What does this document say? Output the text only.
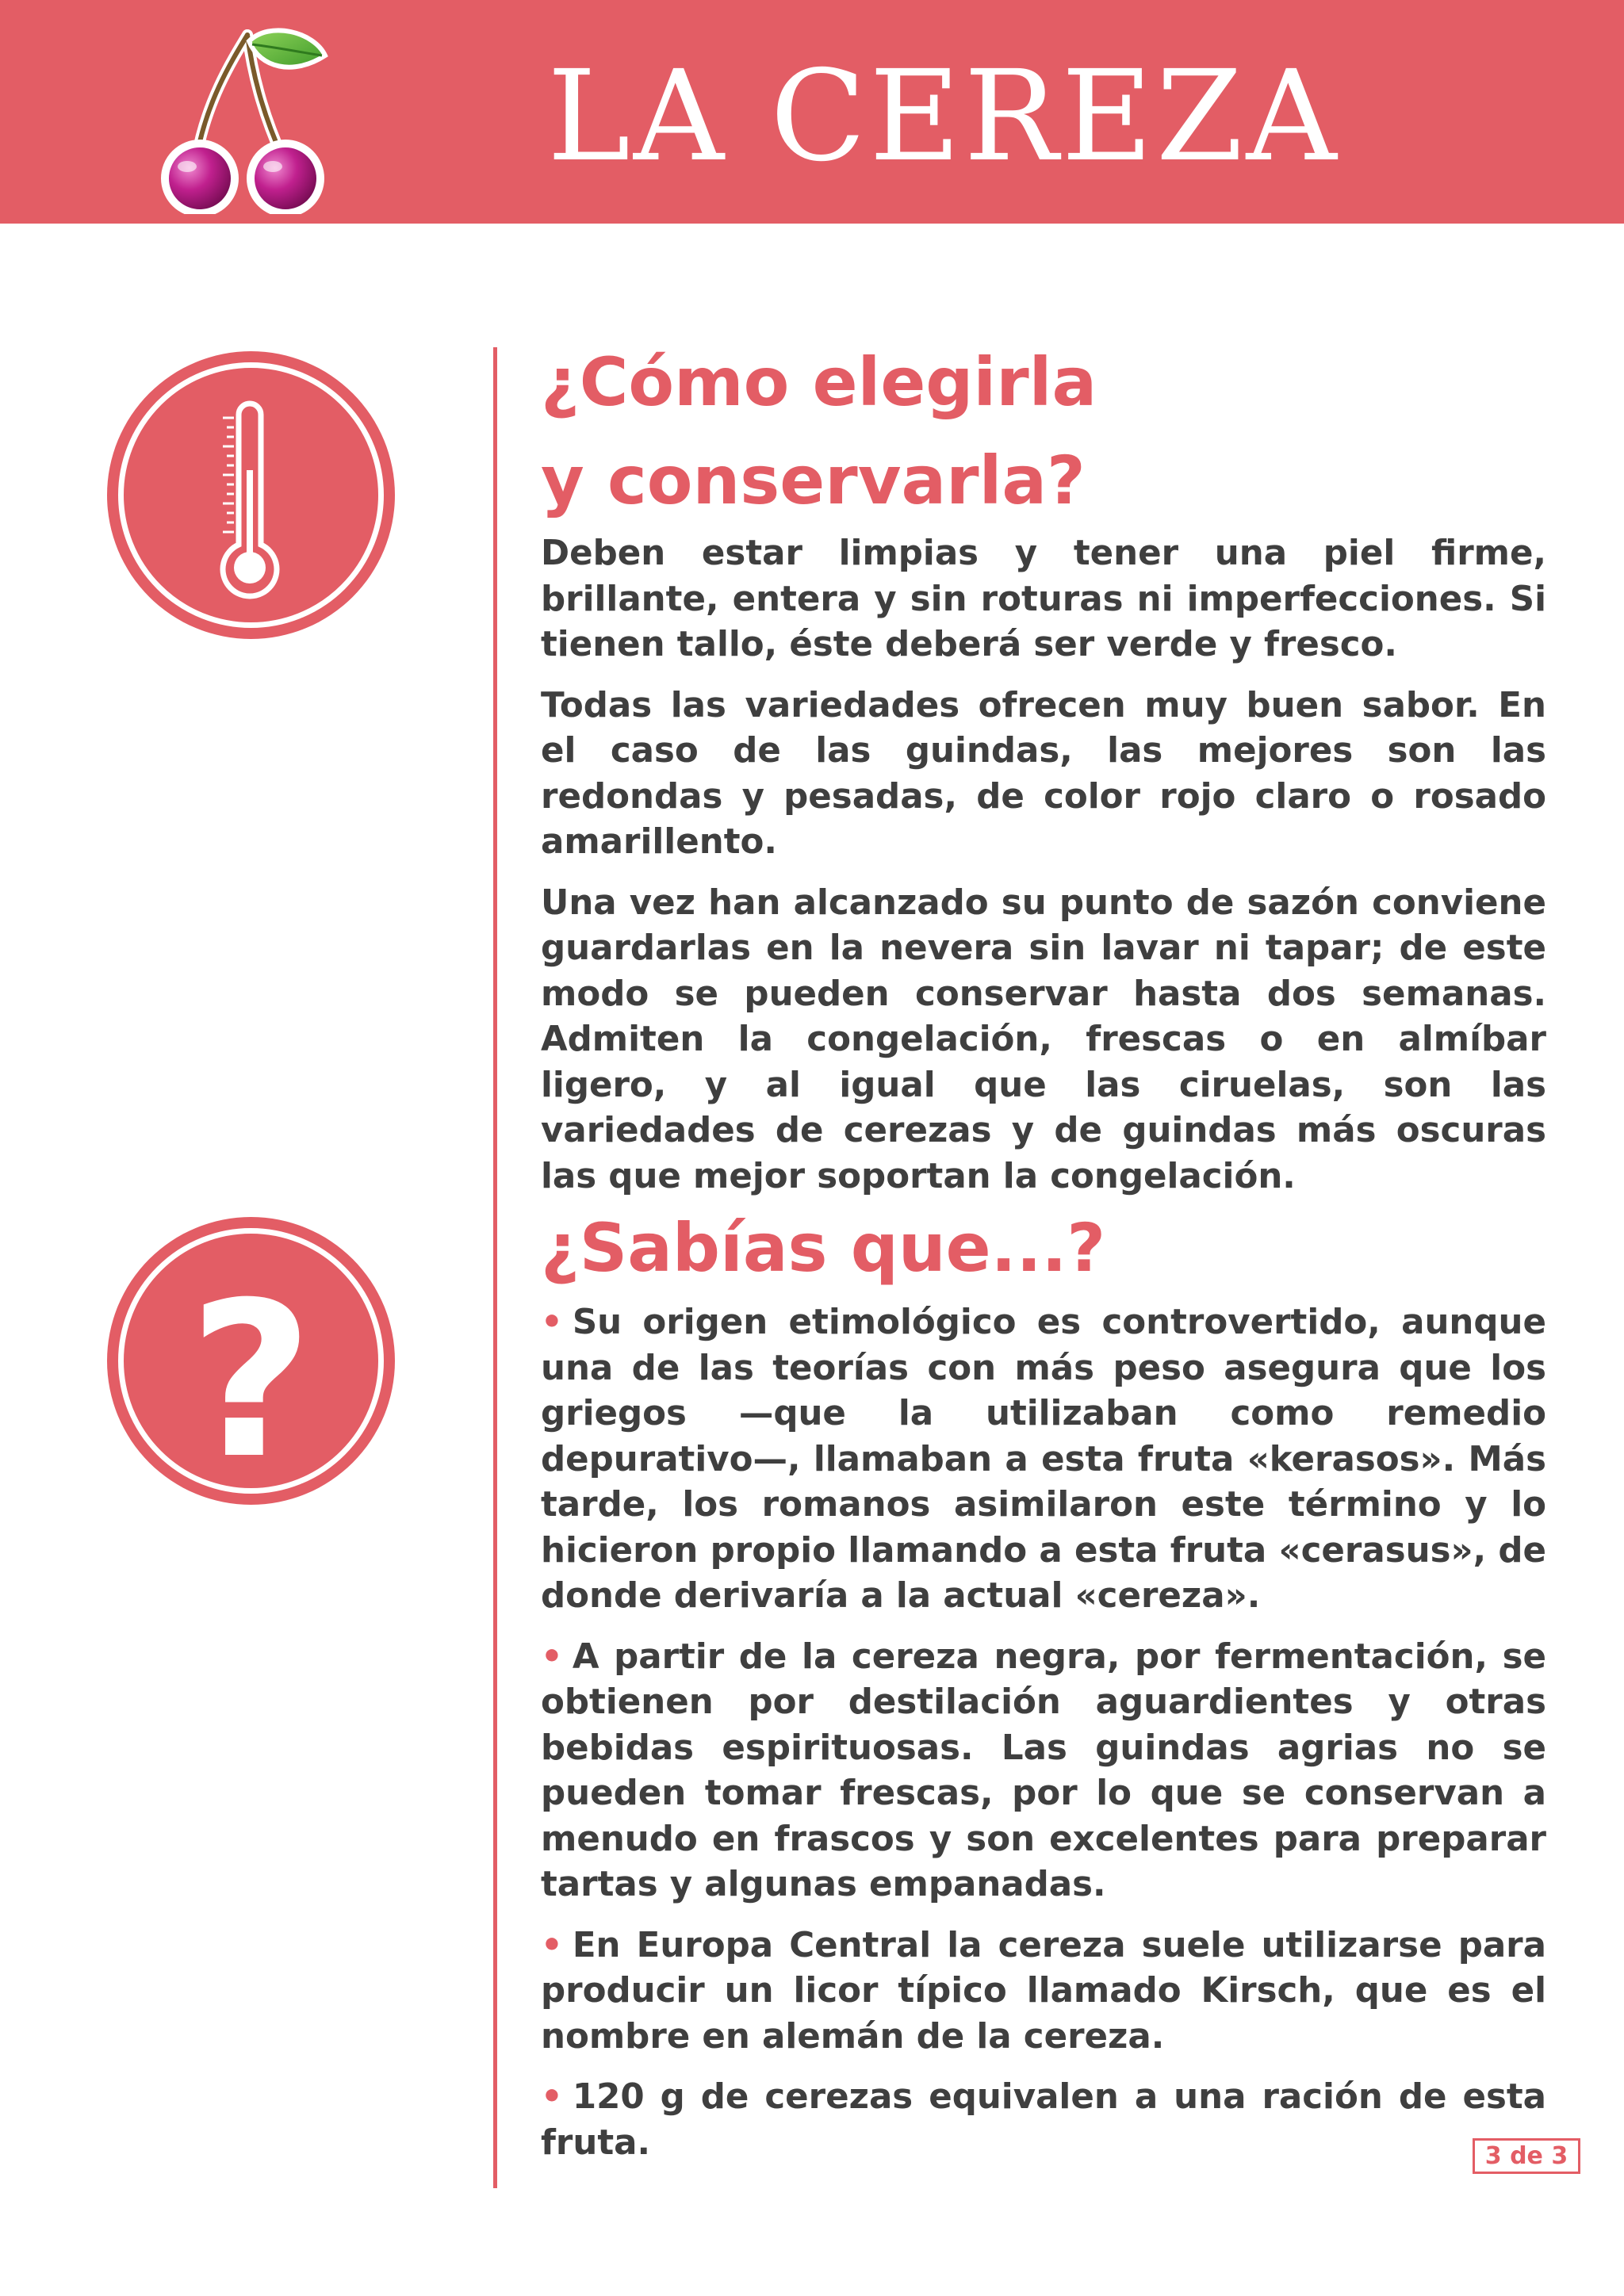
LA CEREZA
¿Cómo elegirla
y conservarla?

Deben estar limpias y tener una piel firme, brillante, entera y sin roturas ni imperfecciones. Si tienen tallo, éste deberá ser verde y fresco.

Todas las variedades ofrecen muy buen sabor. En el caso de las guindas, las mejores son las redondas y pesadas, de color rojo claro o rosado amarillento.

Una vez han alcanzado su punto de sazón conviene guardarlas en la nevera sin lavar ni tapar; de este modo se pueden conservar hasta dos semanas. Admiten la congelación, frescas o en almíbar ligero, y al igual que las ciruelas, son las variedades de cerezas y de guindas más oscuras las que mejor soportan la congelación.

?
¿Sabías que...?

• Su origen etimológico es controvertido, aunque una de las teorías con más peso asegura que los griegos —que la utilizaban como remedio depurativo—, llamaban a esta fruta «kerasos». Más tarde, los romanos asimilaron este término y lo hicieron propio llamando a esta fruta «cerasus», de donde derivaría a la actual «cereza».

• A partir de la cereza negra, por fermentación, se obtienen por destilación aguardientes y otras bebidas espirituosas. Las guindas agrias no se pueden tomar frescas, por lo que se conservan a menudo en frascos y son excelentes para preparar tartas y algunas empanadas.

• En Europa Central la cereza suele utilizarse para producir un licor típico llamado Kirsch, que es el nombre en alemán de la cereza.

• 120 g de cerezas equivalen a una ración de esta fruta.	3 de 3
